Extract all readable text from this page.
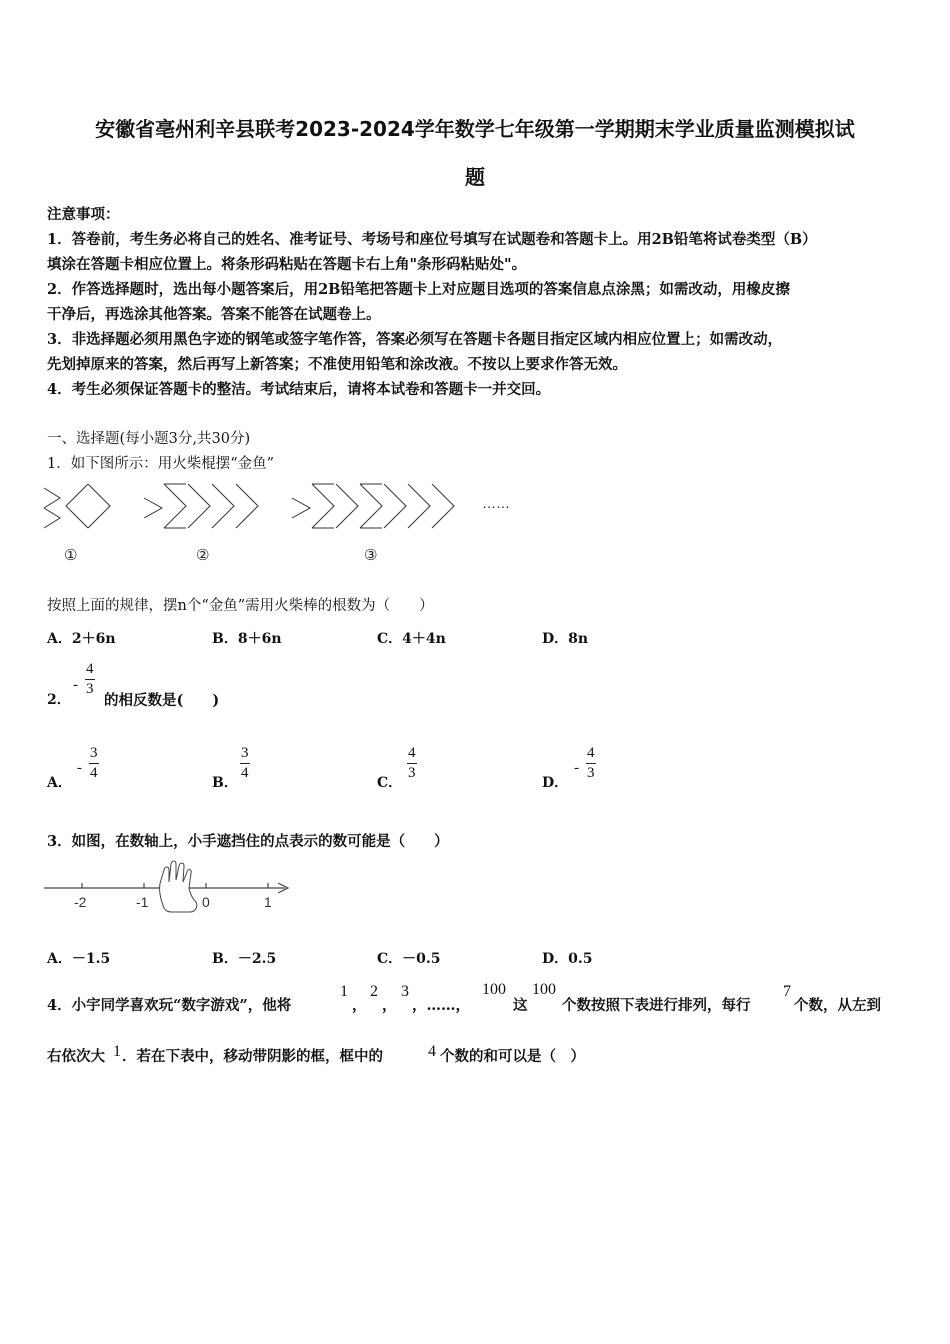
安徽省亳州利辛县联考2023-2024学年数学七年级第一学期期末学业质量监测模拟试
题
注意事项：
1．答卷前，考生务必将自己的姓名、准考证号、考场号和座位号填写在试题卷和答题卡上。用2B铅笔将试卷类型（B）
填涂在答题卡相应位置上。将条形码粘贴在答题卡右上角"条形码粘贴处"。
2．作答选择题时，选出每小题答案后，用2B铅笔把答题卡上对应题目选项的答案信息点涂黑；如需改动，用橡皮擦
干净后，再选涂其他答案。答案不能答在试题卷上。
3．非选择题必须用黑色字迹的钢笔或签字笔作答，答案必须写在答题卡各题目指定区域内相应位置上；如需改动，
先划掉原来的答案，然后再写上新答案；不准使用铅笔和涂改液。不按以上要求作答无效。
4．考生必须保证答题卡的整洁。考试结束后，请将本试卷和答题卡一并交回。
一、选择题(每小题3分,共30分)
1．如下图所示：用火柴棍摆“金鱼”
……
①	②	③
按照上面的规律，摆n个“金鱼”需用火柴棒的根数为（　　）
A．2＋6n	B．8＋6n	C．4＋4n	D．8n
2．
-
4
3
的相反数是(　　)
A．
-
3
4
B．
3
4
C．
4
3
D．
-
4
3
3．如图，在数轴上，小手遮挡住的点表示的数可能是（　　）
-2	-1	0	1
A．－1.5	B．－2.5	C．－0.5	D．0.5
4．小宇同学喜欢玩“数字游戏”，他将
1
，
2
，
3
，……，
100
这
100
个数按照下表进行排列，每行
7
个数，从左到
右依次大 1 ．若在下表中，移动带阴影的框，框中的	4 个数的和可以是（　）
